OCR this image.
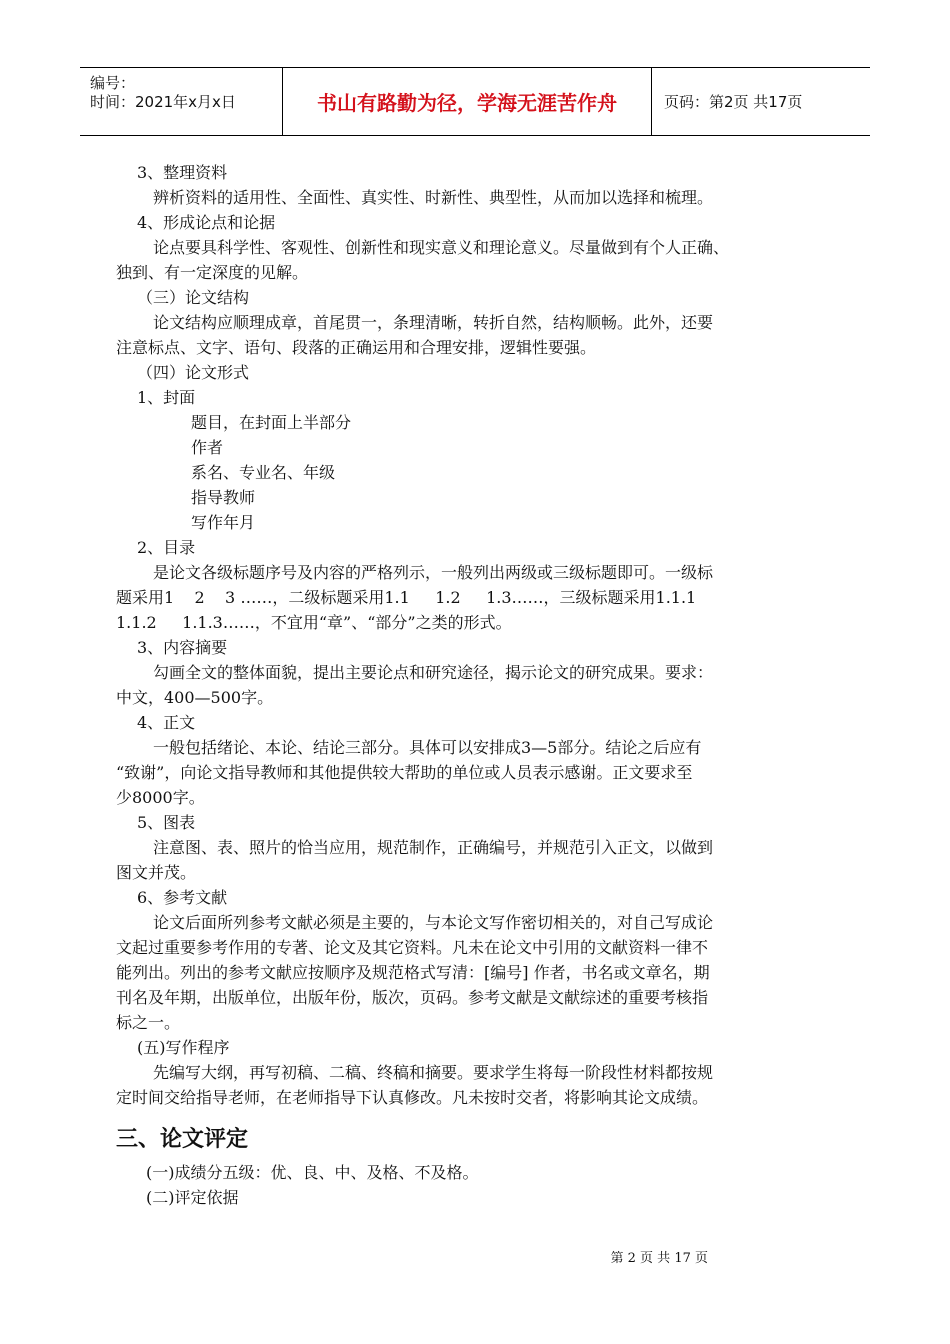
编号：
时间：2021年x月x日	书山有路勤为径，学海无涯苦作舟	页码：第2页 共17页
3、整理资料
辨析资料的适用性、全面性、真实性、时新性、典型性，从而加以选择和梳理。
4、形成论点和论据
论点要具科学性、客观性、创新性和现实意义和理论意义。尽量做到有个人正确、
独到、有一定深度的见解。
（三）论文结构
论文结构应顺理成章，首尾贯一，条理清晰，转折自然，结构顺畅。此外，还要
注意标点、文字、语句、段落的正确运用和合理安排，逻辑性要强。
（四）论文形式
1、封面
题目，在封面上半部分
作者
系名、专业名、年级
指导教师
写作年月
2、目录
是论文各级标题序号及内容的严格列示，一般列出两级或三级标题即可。一级标
题采用1    2    3 ……，二级标题采用1.1     1.2     1.3……，三级标题采用1.1.1
1.1.2     1.1.3……，不宜用“章”、“部分”之类的形式。
3、内容摘要
勾画全文的整体面貌，提出主要论点和研究途径，揭示论文的研究成果。要求：
中文，400—500字。
4、正文
一般包括绪论、本论、结论三部分。具体可以安排成3—5部分。结论之后应有
“致谢”，向论文指导教师和其他提供较大帮助的单位或人员表示感谢。正文要求至
少8000字。
5、图表
注意图、表、照片的恰当应用，规范制作，正确编号，并规范引入正文，以做到
图文并茂。
6、参考文献
论文后面所列参考文献必须是主要的，与本论文写作密切相关的，对自己写成论
文起过重要参考作用的专著、论文及其它资料。凡未在论文中引用的文献资料一律不
能列出。列出的参考文献应按顺序及规范格式写清：[编号] 作者，书名或文章名，期
刊名及年期，出版单位，出版年份，版次，页码。参考文献是文献综述的重要考核指
标之一。
(五)写作程序
先编写大纲，再写初稿、二稿、终稿和摘要。要求学生将每一阶段性材料都按规
定时间交给指导老师，在老师指导下认真修改。凡未按时交者，将影响其论文成绩。
三、论文评定
(一)成绩分五级：优、良、中、及格、不及格。
(二)评定依据
第 2 页 共 17 页
